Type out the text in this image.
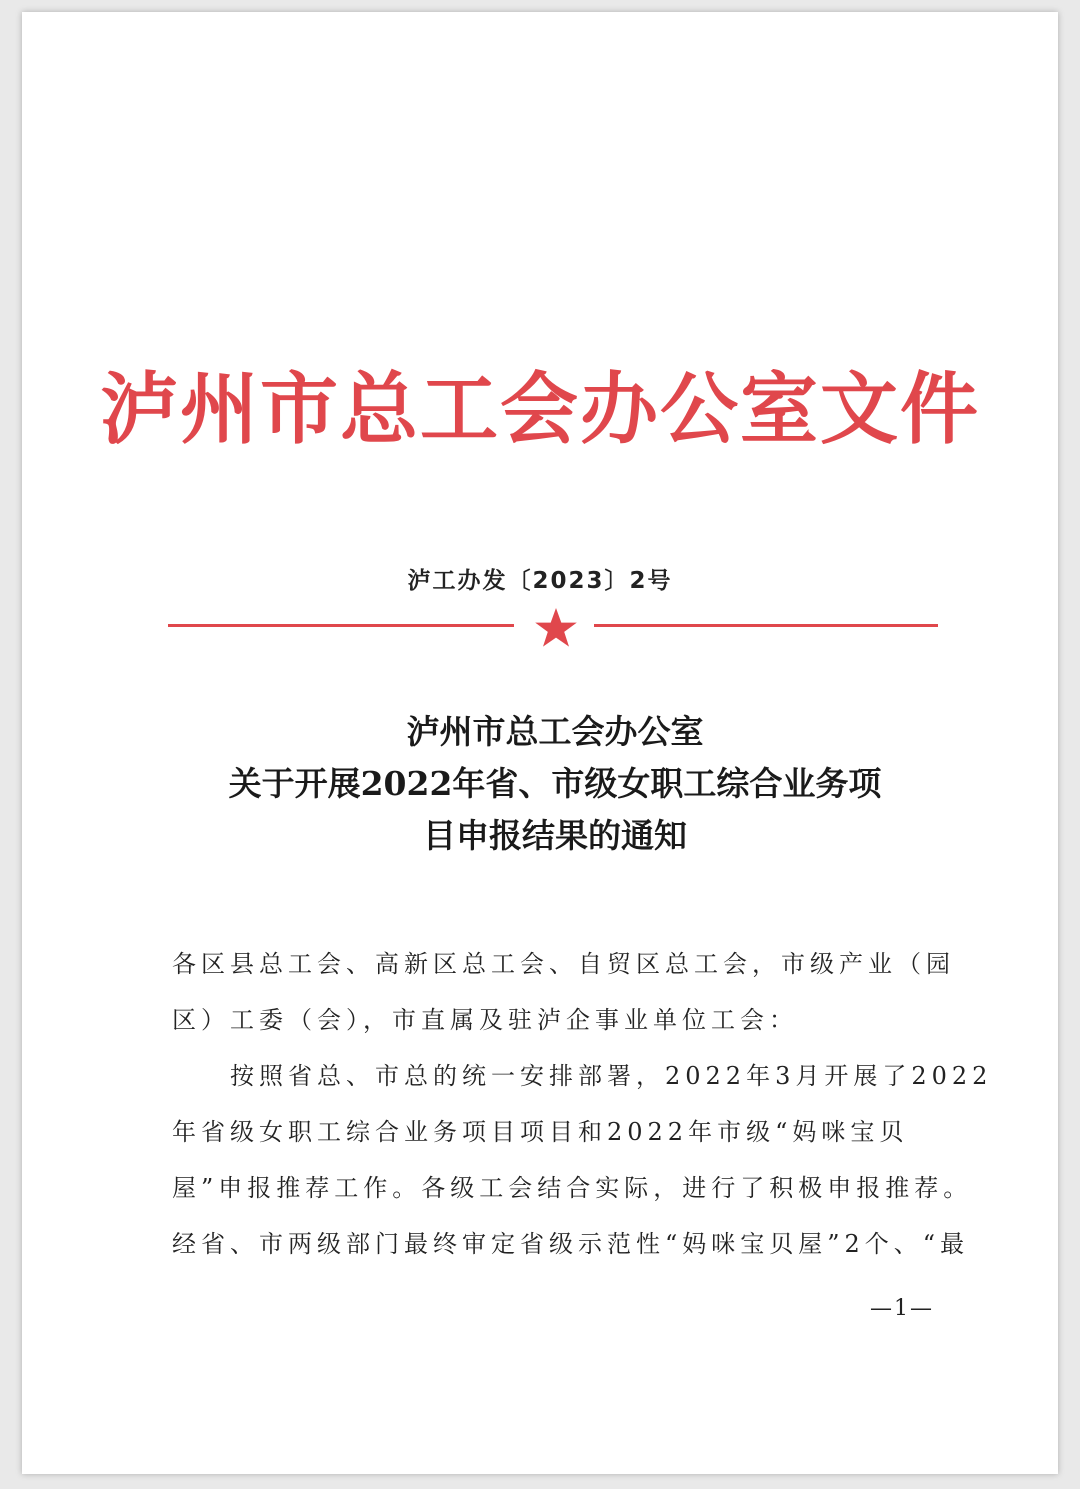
泸州市总工会办公室文件
泸工办发〔2023〕2号
泸州市总工会办公室
关于开展2022年省、市级女职工综合业务项
目申报结果的通知
各区县总工会、高新区总工会、自贸区总工会，市级产业（园
区）工委（会），市直属及驻泸企事业单位工会：
按照省总、市总的统一安排部署，2022年3月开展了2022
年省级女职工综合业务项目项目和2022年市级“妈咪宝贝
屋”申报推荐工作。各级工会结合实际，进行了积极申报推荐。
经省、市两级部门最终审定省级示范性“妈咪宝贝屋”2个、“最
—1—
